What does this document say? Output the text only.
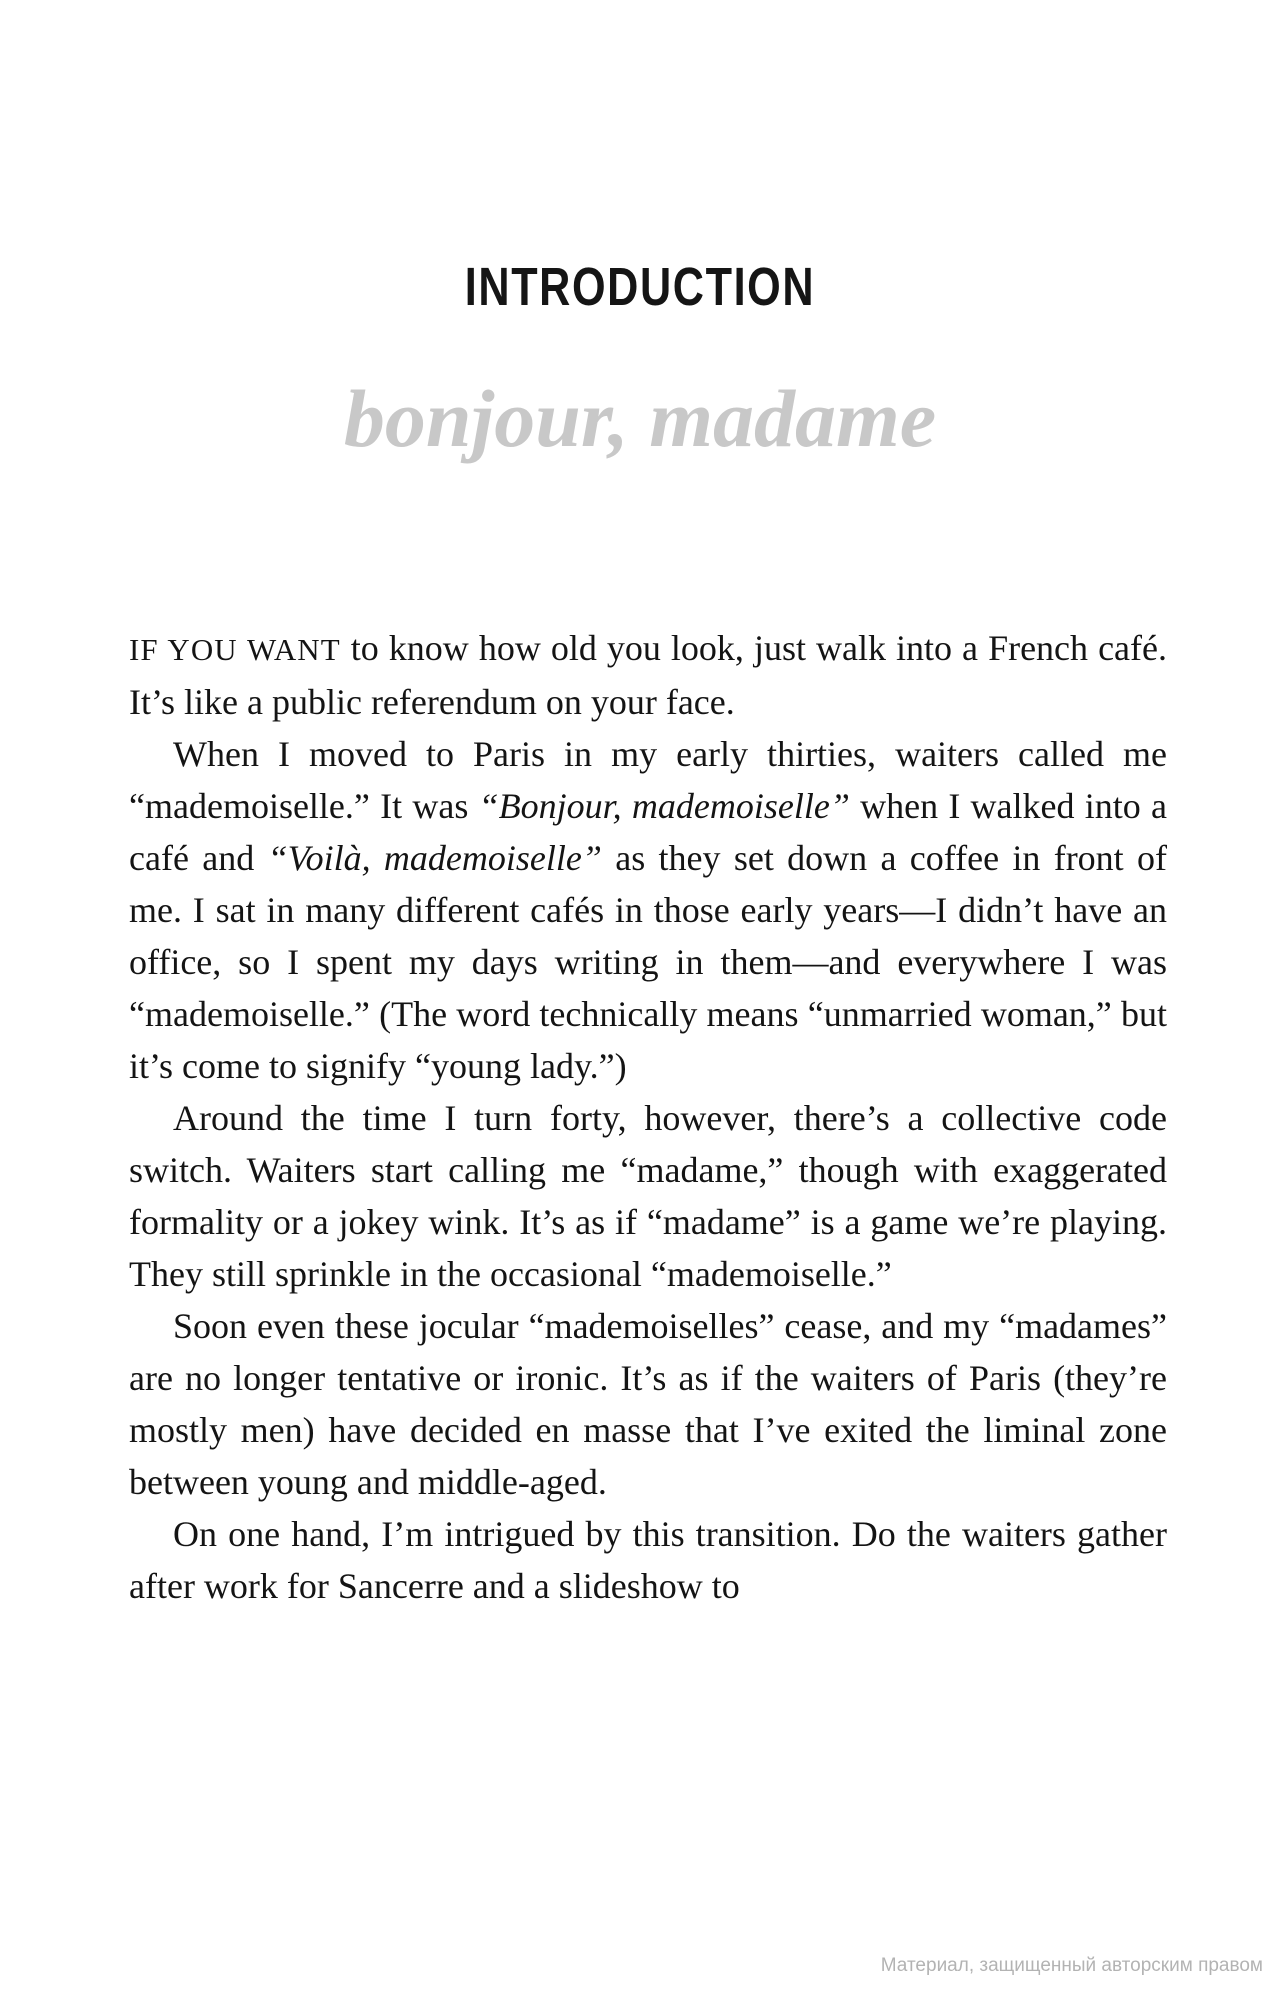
INTRODUCTION
bonjour, madame

IF YOU WANT to know how old you look, just walk into a French café. It’s like a public referendum on your face.

When I moved to Paris in my early thirties, waiters called me “mademoiselle.” It was “Bonjour, mademoiselle” when I walked into a café and “Voilà, mademoiselle” as they set down a coffee in front of me. I sat in many different cafés in those early years—I didn’t have an office, so I spent my days writing in them—and everywhere I was “mademoiselle.” (The word technically means “unmarried woman,” but it’s come to signify “young lady.”)

Around the time I turn forty, however, there’s a collective code switch. Waiters start calling me “madame,” though with exaggerated formality or a jokey wink. It’s as if “madame” is a game we’re playing. They still sprinkle in the occasional “mademoiselle.”

Soon even these jocular “mademoiselles” cease, and my “madames” are no longer tentative or ironic. It’s as if the waiters of Paris (they’re mostly men) have decided en masse that I’ve exited the liminal zone between young and middle-aged.

On one hand, I’m intrigued by this transition. Do the waiters gather after work for Sancerre and a slideshow to

Материал, защищенный авторским правом
